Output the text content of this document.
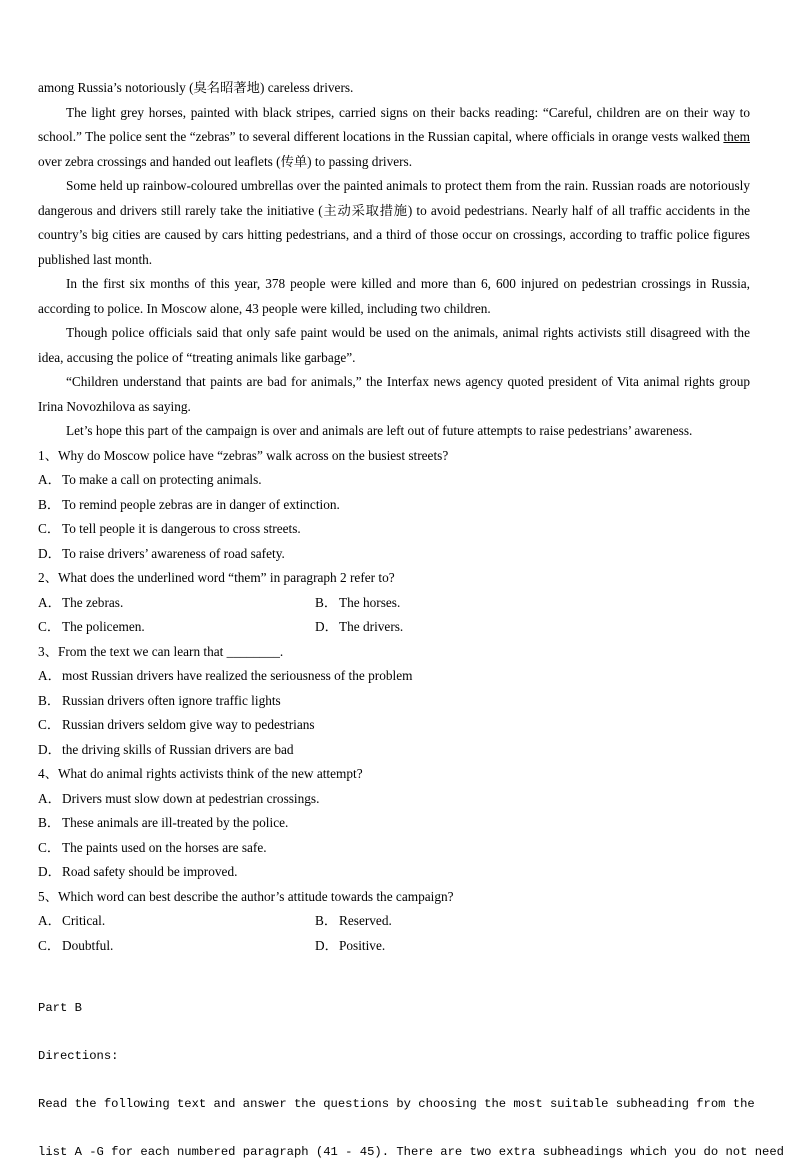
among Russia’s notoriously (臭名昭著地) careless drivers.

The light grey horses, painted with black stripes, carried signs on their backs reading: “Careful, children are on their way to school.” The police sent the “zebras” to several different locations in the Russian capital, where officials in orange vests walked them over zebra crossings and handed out leaflets (传单) to passing drivers.

Some held up rainbow-coloured umbrellas over the painted animals to protect them from the rain. Russian roads are notoriously dangerous and drivers still rarely take the initiative (主动采取措施) to avoid pedestrians. Nearly half of all traffic accidents in the country’s big cities are caused by cars hitting pedestrians, and a third of those occur on crossings, according to traffic police figures published last month.

In the first six months of this year, 378 people were killed and more than 6, 600 injured on pedestrian crossings in Russia, according to police. In Moscow alone, 43 people were killed, including two children.

Though police officials said that only safe paint would be used on the animals, animal rights activists still disagreed with the idea, accusing the police of “treating animals like garbage”.

“Children understand that paints are bad for animals,” the Interfax news agency quoted president of Vita animal rights group Irina Novozhilova as saying.

Let’s hope this part of the campaign is over and animals are left out of future attempts to raise pedestrians’ awareness.

1、Why do Moscow police have “zebras” walk across on the busiest streets?

A．To make a call on protecting animals.

B． To remind people zebras are in danger of extinction.

C． To tell people it is dangerous to cross streets.

D．To raise drivers’ awareness of road safety.

2、What does the underlined word “them” in paragraph 2 refer to?

A．The zebras.	B． The horses.

C． The policemen.	D．The drivers.

3、From the text we can learn that ________.

A．most Russian drivers have realized the seriousness of the problem

B． Russian drivers often ignore traffic lights

C． Russian drivers seldom give way to pedestrians

D．the driving skills of Russian drivers are bad

4、What do animal rights activists think of the new attempt?

A．Drivers must slow down at pedestrian crossings.

B． These animals are ill-treated by the police.

C． The paints used on the horses are safe.

D．Road safety should be improved.

5、Which word can best describe the author’s attitude towards the campaign?

A．Critical.	B． Reserved.

C． Doubtful.	D．Positive.

Part B

Directions:

Read the following text and answer the questions by choosing the most suitable subheading from the

list A -G for each numbered paragraph (41 - 45). There are two extra subheadings which you do not need
